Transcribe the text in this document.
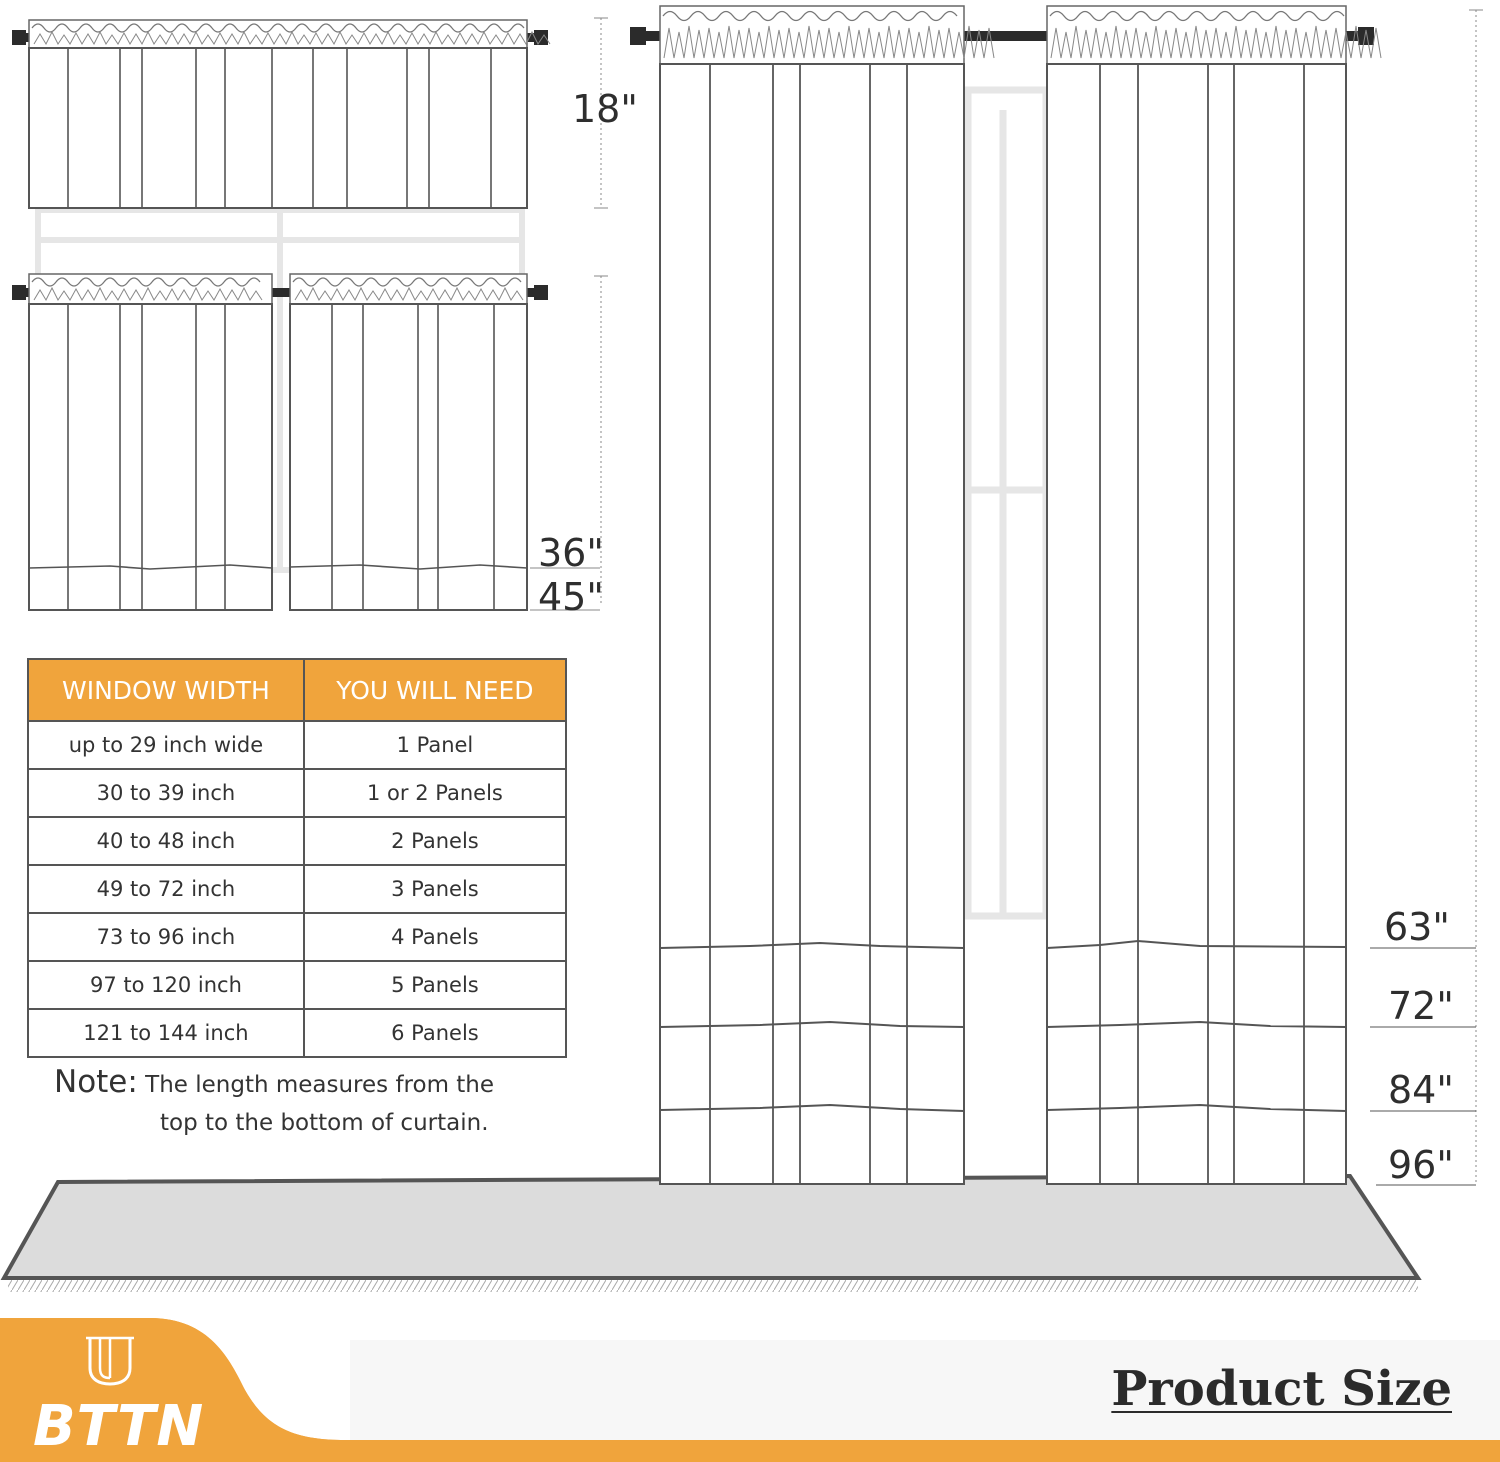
18"
36"
45"
63"
72"
84"
96"
WINDOW WIDTH	YOU WILL NEED
up to 29 inch wide	1 Panel
30 to 39 inch	1 or 2 Panels
40 to 48 inch	2 Panels
49 to 72 inch	3 Panels
73 to 96 inch	4 Panels
97 to 120 inch	5 Panels
121 to 144 inch	6 Panels
Note: The length measures from the
top to the bottom of curtain.
BTTN
Product Size
